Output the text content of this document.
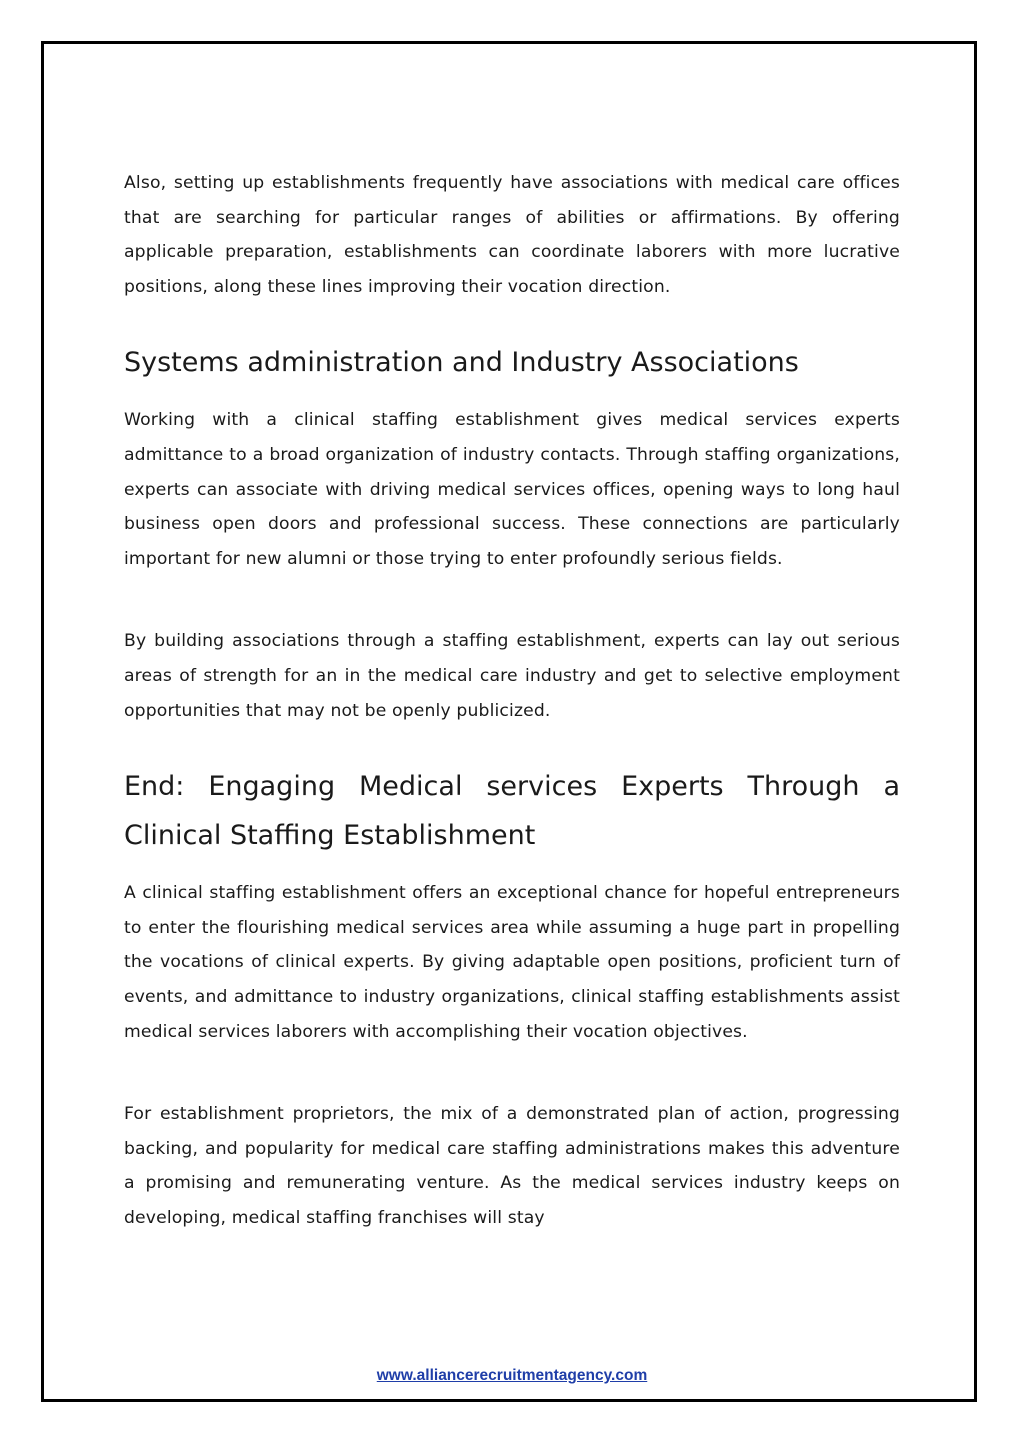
Also, setting up establishments frequently have associations with medical care offices that are searching for particular ranges of abilities or affirmations. By offering applicable preparation, establishments can coordinate laborers with more lucrative positions, along these lines improving their vocation direction.

Systems administration and Industry Associations

Working with a clinical staffing establishment gives medical services experts admittance to a broad organization of industry contacts. Through staffing organizations, experts can associate with driving medical services offices, opening ways to long haul business open doors and professional success. These connections are particularly important for new alumni or those trying to enter profoundly serious fields.

By building associations through a staffing establishment, experts can lay out serious areas of strength for an in the medical care industry and get to selective employment opportunities that may not be openly publicized.

End: Engaging Medical services Experts Through a Clinical Staffing Establishment

A clinical staffing establishment offers an exceptional chance for hopeful entrepreneurs to enter the flourishing medical services area while assuming a huge part in propelling the vocations of clinical experts. By giving adaptable open positions, proficient turn of events, and admittance to industry organizations, clinical staffing establishments assist medical services laborers with accomplishing their vocation objectives.

For establishment proprietors, the mix of a demonstrated plan of action, progressing backing, and popularity for medical care staffing administrations makes this adventure a promising and remunerating venture. As the medical services industry keeps on developing, medical staffing franchises will stay

www.alliancerecruitmentagency.com
